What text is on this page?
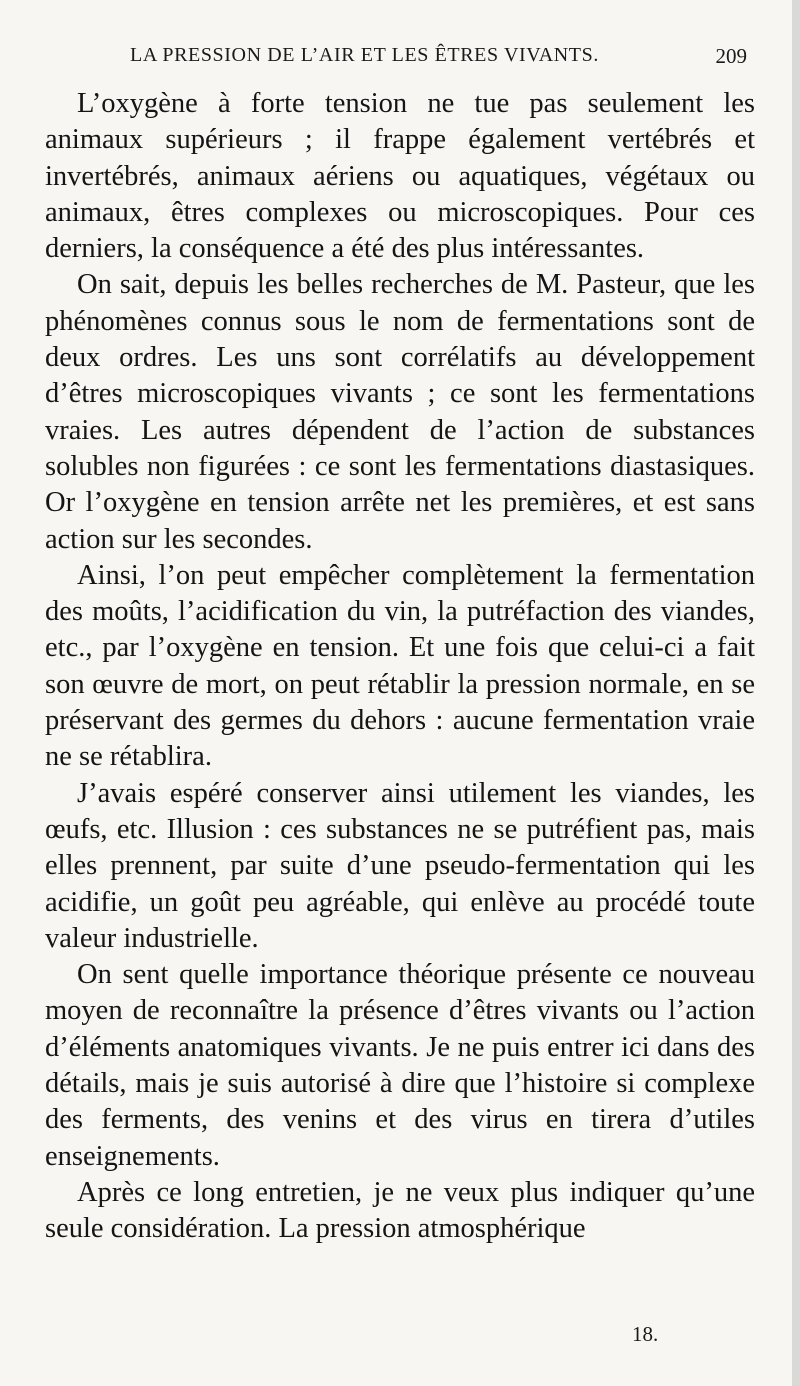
LA PRESSION DE L’AIR ET LES ÊTRES VIVANTS.	209

L’oxygène à forte tension ne tue pas seulement les animaux supérieurs ; il frappe également vertébrés et invertébrés, animaux aériens ou aquatiques, végétaux ou animaux, êtres complexes ou microscopiques. Pour ces derniers, la conséquence a été des plus intéressantes.

On sait, depuis les belles recherches de M. Pasteur, que les phénomènes connus sous le nom de fermentations sont de deux ordres. Les uns sont corrélatifs au développement d’êtres microscopiques vivants ; ce sont les fermentations vraies. Les autres dépendent de l’action de substances solubles non figurées : ce sont les fermentations diastasiques. Or l’oxygène en tension arrête net les premières, et est sans action sur les secondes.

Ainsi, l’on peut empêcher complètement la fermentation des moûts, l’acidification du vin, la putréfaction des viandes, etc., par l’oxygène en tension. Et une fois que celui-ci a fait son œuvre de mort, on peut rétablir la pression normale, en se préservant des germes du dehors : aucune fermentation vraie ne se rétablira.

J’avais espéré conserver ainsi utilement les viandes, les œufs, etc. Illusion : ces substances ne se putréfient pas, mais elles prennent, par suite d’une pseudo-fermentation qui les acidifie, un goût peu agréable, qui enlève au procédé toute valeur industrielle.

On sent quelle importance théorique présente ce nouveau moyen de reconnaître la présence d’êtres vivants ou l’action d’éléments anatomiques vivants. Je ne puis entrer ici dans des détails, mais je suis autorisé à dire que l’histoire si complexe des ferments, des venins et des virus en tirera d’utiles enseignements.

Après ce long entretien, je ne veux plus indiquer qu’une seule considération. La pression atmosphérique

18.
